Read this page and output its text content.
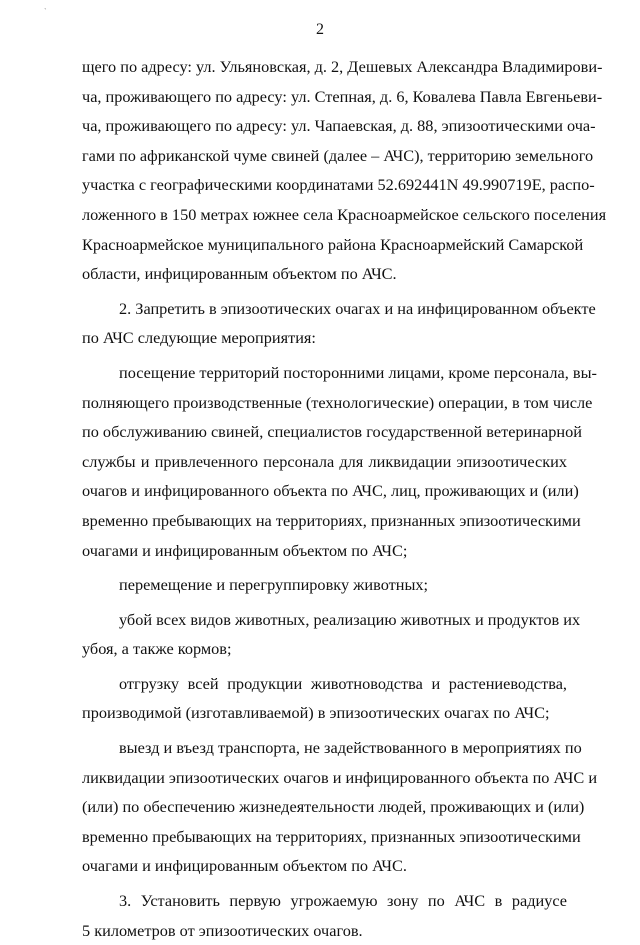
`
2
щего по адресу: ул. Ульяновская, д. 2, Дешевых Александра Владимирови-
ча, проживающего по адресу: ул. Степная, д. 6, Ковалева Павла Евгеньеви-
ча, проживающего по адресу: ул. Чапаевская, д. 88, эпизоотическими оча-
гами по африканской чуме свиней (далее – АЧС), территорию земельного
участка с географическими координатами 52.692441N 49.990719E, распо-
ложенного в 150 метрах южнее села Красноармейское сельского поселения
Красноармейское муниципального района Красноармейский Самарской
области, инфицированным объектом по АЧС.
2. Запретить в эпизоотических очагах и на инфицированном объекте
по АЧС следующие мероприятия:
посещение территорий посторонними лицами, кроме персонала, вы-
полняющего производственные (технологические) операции, в том числе
по обслуживанию свиней, специалистов государственной ветеринарной
службы и привлеченного персонала для ликвидации эпизоотических
очагов и инфицированного объекта по АЧС, лиц, проживающих и (или)
временно пребывающих на территориях, признанных эпизоотическими
очагами и инфицированным объектом по АЧС;
перемещение и перегруппировку животных;
убой всех видов животных, реализацию животных и продуктов их
убоя, а также кормов;
отгрузку всей продукции животноводства и растениеводства,
производимой (изготавливаемой) в эпизоотических очагах по АЧС;
выезд и въезд транспорта, не задействованного в мероприятиях по
ликвидации эпизоотических очагов и инфицированного объекта по АЧС и
(или) по обеспечению жизнедеятельности людей, проживающих и (или)
временно пребывающих на территориях, признанных эпизоотическими
очагами и инфицированным объектом по АЧС.
3. Установить первую угрожаемую зону по АЧС в радиусе
5 километров от эпизоотических очагов.
